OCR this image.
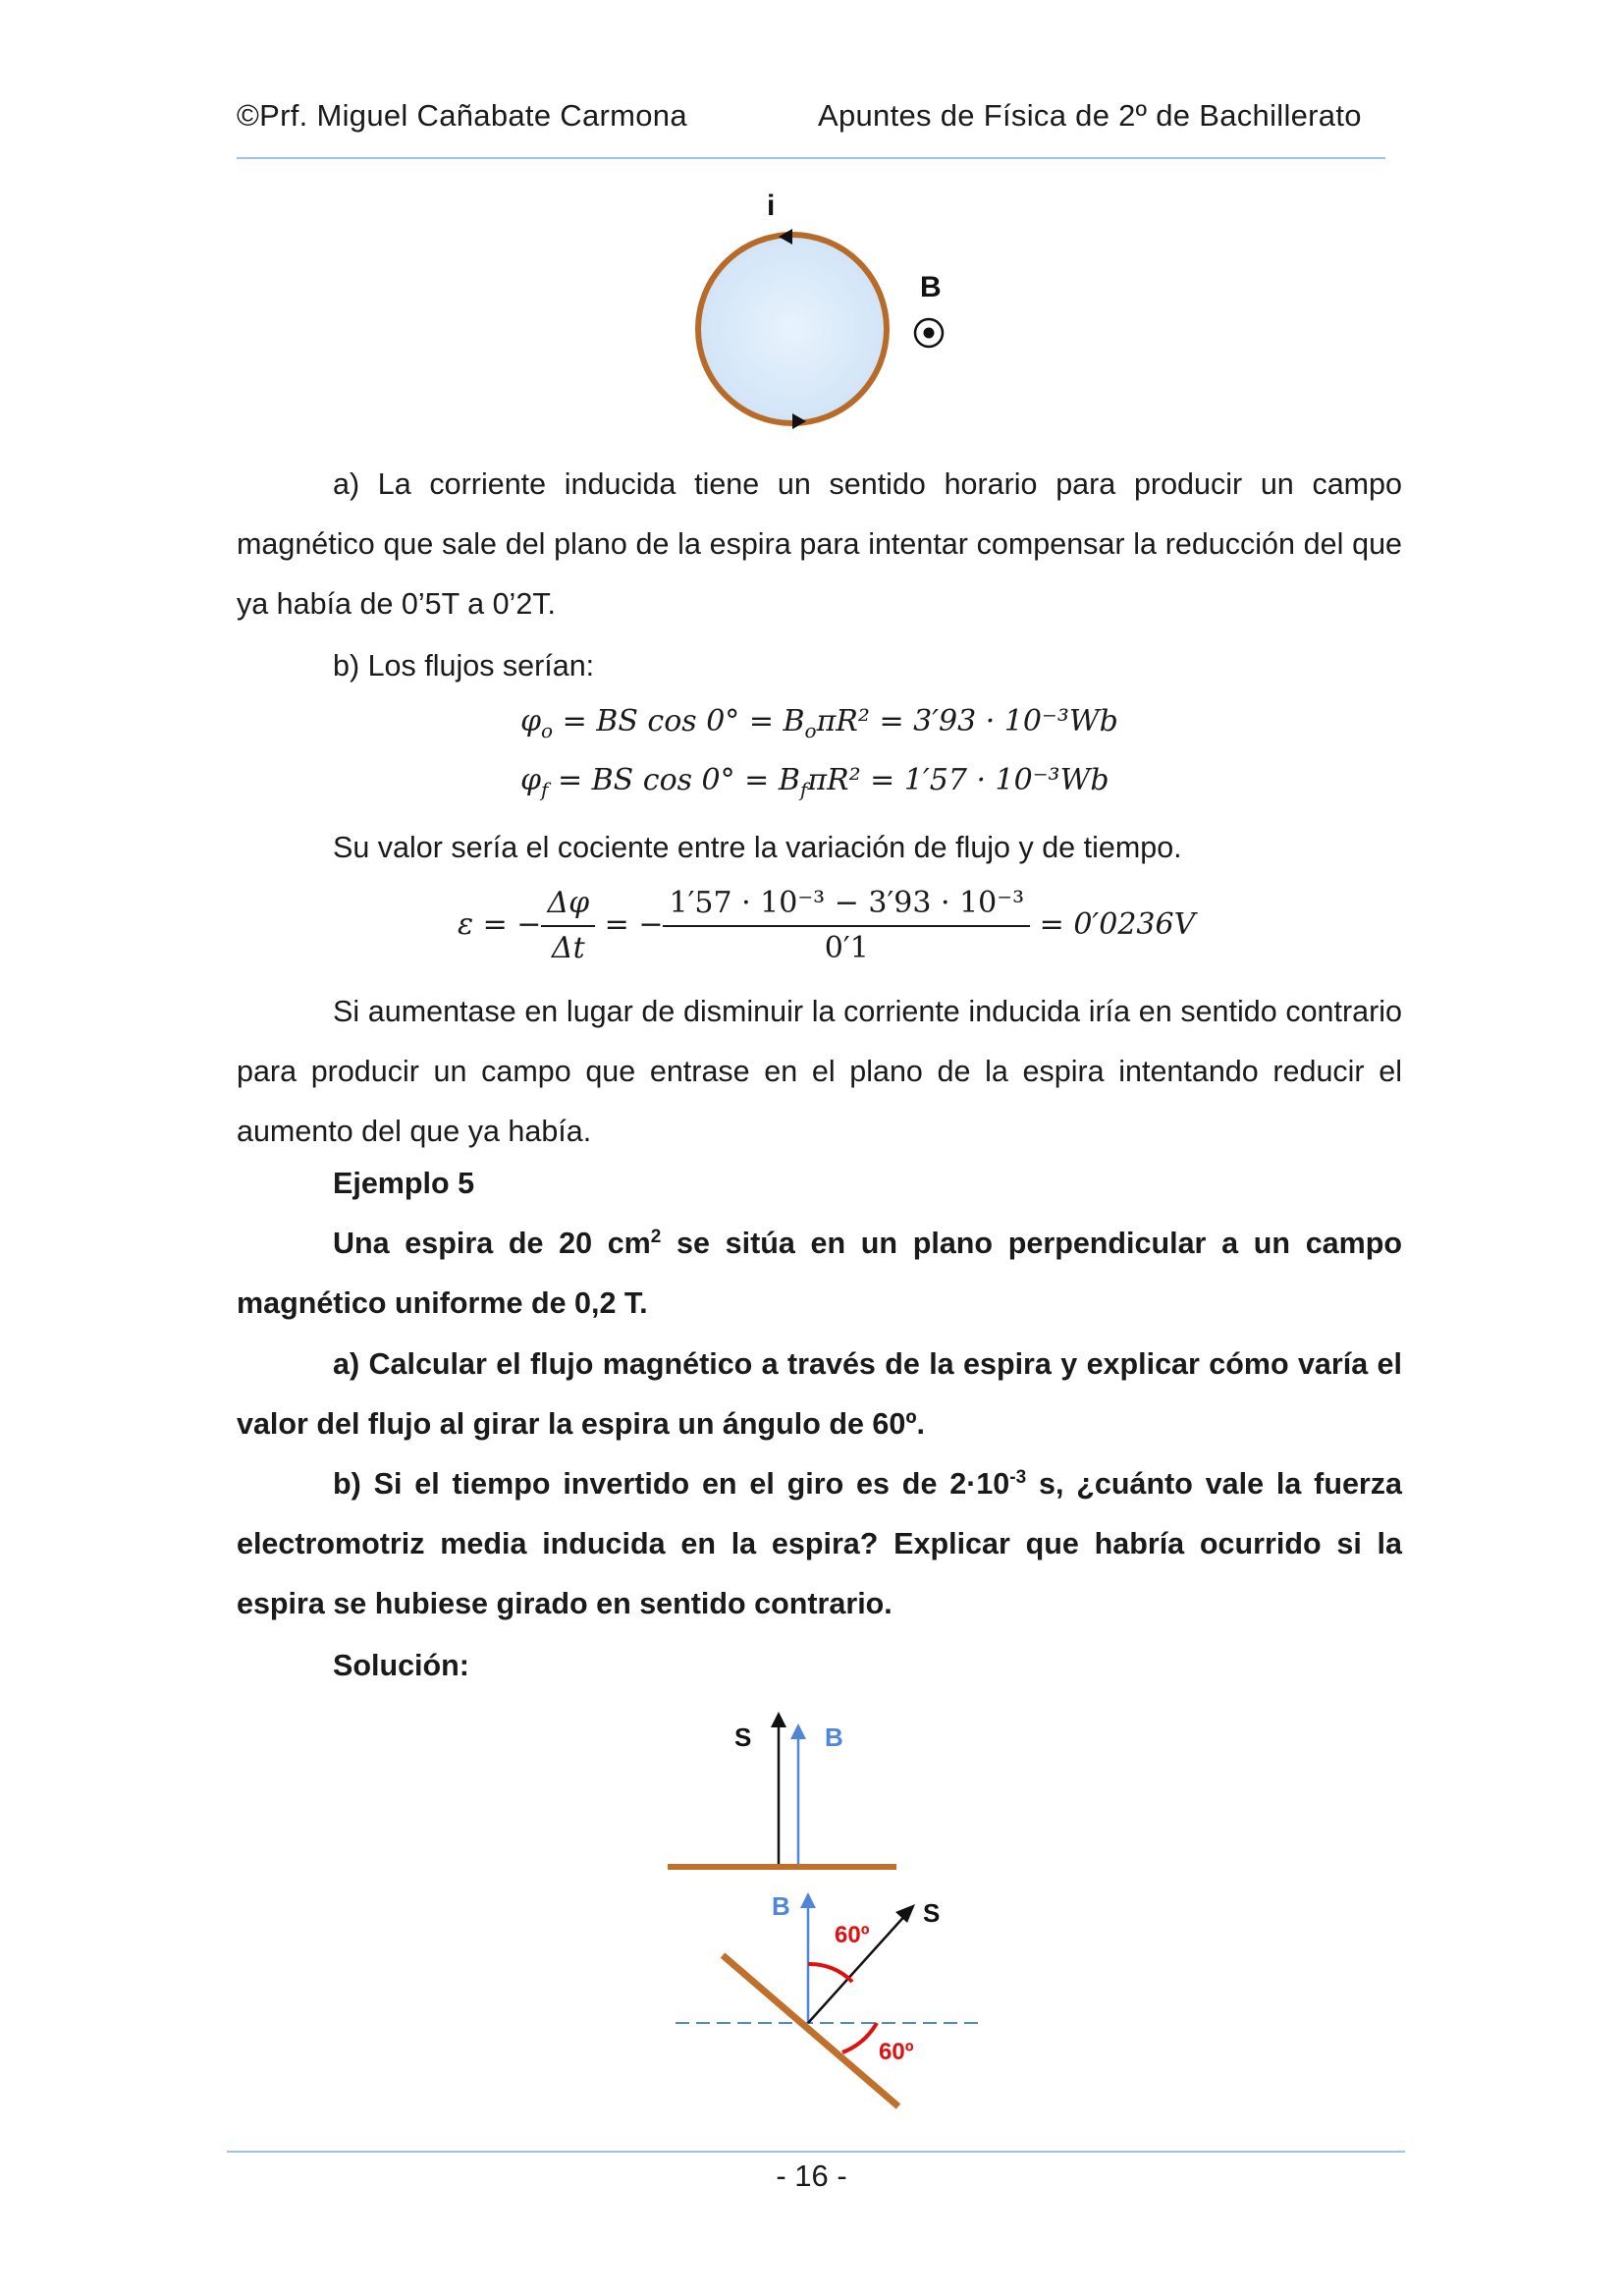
©Prf. Miguel Cañabate Carmona	Apuntes de Física de 2º de Bachillerato
i
B
a) La corriente inducida tiene un sentido horario para producir un campo magnético que sale del plano de la espira para intentar compensar la reducción del que ya había de 0’5T a 0’2T.
b) Los flujos serían:
$\varphi_o$ = BS $\cos 0^\circ = B_o\pi R^2 = 3'93 \cdot 10^{-3}Wb$
$\varphi_f$ = BS $\cos 0^\circ = B_f\pi R^2 = 1'57 \cdot 10^{-3}Wb$
Su valor sería el cociente entre la variación de flujo y de tiempo.
ε = − $\frac{\Delta\varphi}{\Delta t}$ = − $\frac{\text{1′57 · 10⁻³ − 3′93 · 10⁻³}}{0'1} = 0'0236V$
Si aumentase en lugar de disminuir la corriente inducida iría en sentido contrario para producir un campo que entrase en el plano de la espira intentando reducir el aumento del que ya había.
Ejemplo 5
Una espira de 20 $cm^2$ se sitúa en un plano perpendicular a un campo magnético uniforme de 0,2 T.
a) Calcular el flujo magnético a través de la espira y explicar cómo varía el valor del flujo al girar la espira un ángulo de 60º.
b) Si el tiempo invertido en el giro es de $2\cdot 10^{-3}$ s, ¿cuánto vale la fuerza electromotriz media inducida en la espira? Explicar que habría ocurrido si la espira se hubiese girado en sentido contrario.
Solución:
S	B
B	S
60º
60º
- 16 -
